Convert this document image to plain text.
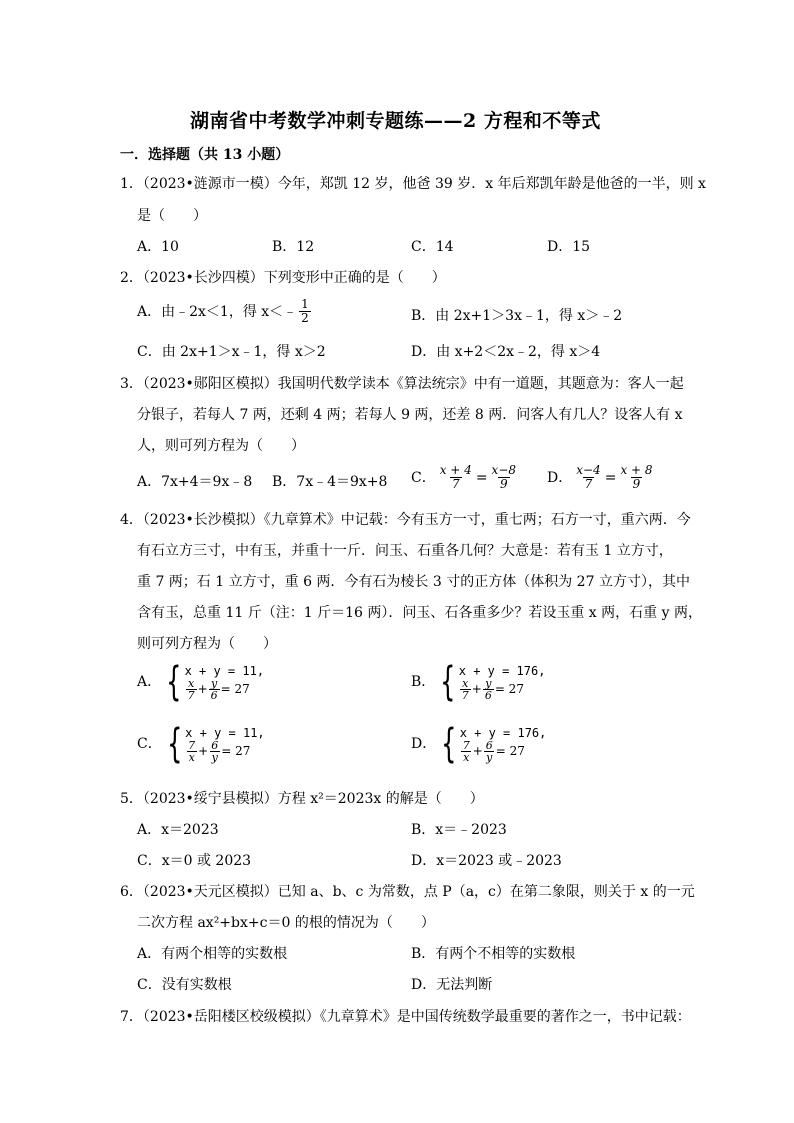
湖南省中考数学冲刺专题练——2 方程和不等式
一．选择题（共 13 小题）
1．（2023•涟源市一模）今年，郑凯 12 岁，他爸 39 岁．x 年后郑凯年龄是他爸的一半，则 x
是（　　）
A．10	B．12	C．14	D．15
2．（2023•长沙四模）下列变形中正确的是（　　）
A．由﹣2x＜1，得 x＜﹣ $\frac{1}{2}$	B．由 2x+1＞3x﹣1，得 x＞﹣2
C．由 2x+1＞x﹣1，得 x＞2	D．由 x+2＜2x﹣2，得 x＞4
3．（2023•郧阳区模拟）我国明代数学读本《算法统宗》中有一道题，其题意为：客人一起
分银子，若每人 7 两，还剩 4 两；若每人 9 两，还差 8 两．问客人有几人？设客人有 x
人，则可列方程为（　　）
A．7x+4＝9x﹣8 B．7x﹣4＝9x+8 C． $\frac{x + 4}{7} = \frac{x-8}{9}$ D． $\frac{x-4}{7} = \frac{x + 8}{9}$
4．（2023•长沙模拟）《九章算术》中记载：今有玉方一寸，重七两；石方一寸，重六两．今
有石立方三寸，中有玉，并重十一斤．问玉、石重各几何？大意是：若有玉 1 立方寸，
重 7 两；石 1 立方寸，重 6 两．今有石为棱长 3 寸的正方体（体积为 27 立方寸），其中
含有玉，总重 11 斤（注：1 斤＝16 两）．问玉、石各重多少？若设玉重 x 两，石重 y 两，
则可列方程为（　　）
A． { x + y = 11,
$\frac{x}{7} + \frac{y}{6} = 27$	B． { x + y = 176,
$\frac{x}{7} + \frac{y}{6} = 27$
C． { x + y = 11,
$\frac{7}{x} + \frac{6}{y} = 27$	D． { x + y = 176,
$\frac{7}{x} + \frac{6}{y} = 27$
5．（2023•绥宁县模拟）方程 x²＝2023x 的解是（　　）
A．x＝2023	B．x＝﹣2023
C．x＝0 或 2023	D．x＝2023 或﹣2023
6．（2023•天元区模拟）已知 a、b、c 为常数，点 P（a，c）在第二象限，则关于 x 的一元
二次方程 ax²+bx+c＝0 的根的情况为（　　）
A．有两个相等的实数根	B．有两个不相等的实数根
C．没有实数根	D．无法判断
7．（2023•岳阳楼区校级模拟）《九章算术》是中国传统数学最重要的著作之一，书中记载：
